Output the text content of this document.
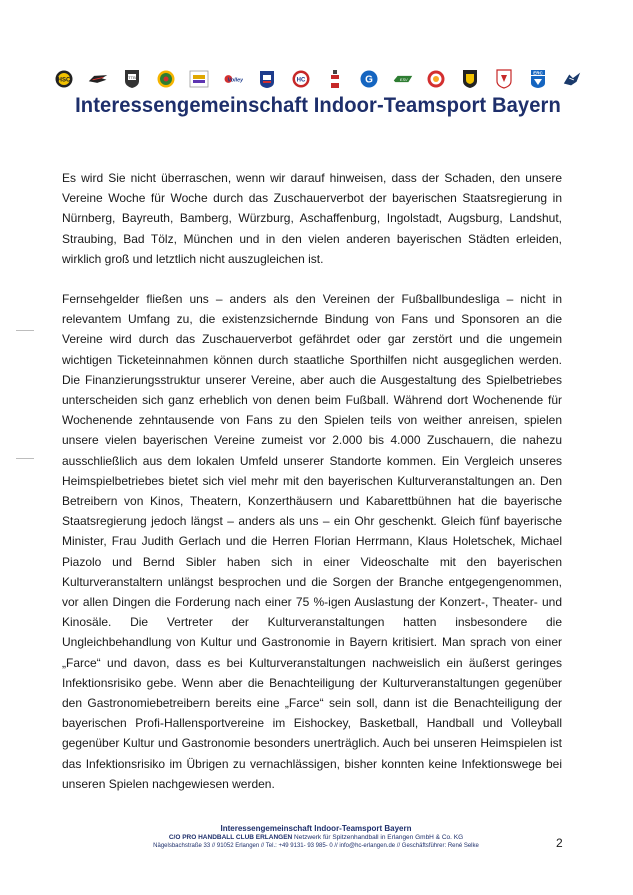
HSC	TTB	Volley	HC	G	ESV
ERC
Interessengemeinschaft Indoor-Teamsport Bayern

Es wird Sie nicht überraschen, wenn wir darauf hinweisen, dass der Schaden, den unsere Vereine Woche für Woche durch das Zuschauerverbot der bayerischen Staatsregierung in Nürnberg, Bayreuth, Bamberg, Würzburg, Aschaffenburg, Ingolstadt, Augsburg, Landshut, Straubing, Bad Tölz, München und in den vielen anderen bayerischen Städten erleiden, wirklich groß und letztlich nicht auszugleichen ist.

Fernsehgelder fließen uns – anders als den Vereinen der Fußballbundesliga – nicht in relevantem Umfang zu, die existenzsichernde Bindung von Fans und Sponsoren an die Vereine wird durch das Zuschauerverbot gefährdet oder gar zerstört und die ungemein wichtigen Ticketeinnahmen können durch staatliche Sporthilfen nicht ausgeglichen werden. Die Finanzierungsstruktur unserer Vereine, aber auch die Ausgestaltung des Spielbetriebes unterscheiden sich ganz erheblich von denen beim Fußball. Während dort Wochenende für Wochenende zehntausende von Fans zu den Spielen teils von weither anreisen, spielen unsere vielen bayerischen Vereine zumeist vor 2.000 bis 4.000 Zuschauern, die nahezu ausschließlich aus dem lokalen Umfeld unserer Standorte kommen. Ein Vergleich unseres Heimspielbetriebes bietet sich viel mehr mit den bayerischen Kulturveranstaltungen an. Den Betreibern von Kinos, Theatern, Konzerthäusern und Kabarettbühnen hat die bayerische Staatsregierung jedoch längst – anders als uns – ein Ohr geschenkt. Gleich fünf bayerische Minister, Frau Judith Gerlach und die Herren Florian Herrmann, Klaus Holetschek, Michael Piazolo und Bernd Sibler haben sich in einer Videoschalte mit den bayerischen Kulturveranstaltern unlängst besprochen und die Sorgen der Branche entgegengenommen, vor allen Dingen die Forderung nach einer 75 %-igen Auslastung der Konzert-, Theater- und Kinosäle. Die Vertreter der Kulturveranstaltungen hatten insbesondere die Ungleichbehandlung von Kultur und Gastronomie in Bayern kritisiert. Man sprach von einer „Farce“ und davon, dass es bei Kulturveranstaltungen nachweislich ein äußerst geringes Infektionsrisiko gebe. Wenn aber die Benachteiligung der Kulturveranstaltungen gegenüber den Gastronomiebetreibern bereits eine „Farce“ sein soll, dann ist die Benachteiligung der bayerischen Profi-Hallensportvereine im Eishockey, Basketball, Handball und Volleyball gegenüber Kultur und Gastronomie besonders unerträglich. Auch bei unseren Heimspielen ist das Infektionsrisiko im Übrigen zu vernachlässigen, bisher konnten keine Infektionswege bei unseren Spielen nachgewiesen werden.

Interessengemeinschaft Indoor-Teamsport Bayern
C/O PRO HANDBALL CLUB ERLANGEN Netzwerk für Spitzenhandball in Erlangen GmbH & Co. KG
Nägelsbachstraße 33 // 91052 Erlangen // Tel.: +49 9131- 93 985- 0 // info@hc-erlangen.de // Geschäftsführer: René Selke	2
